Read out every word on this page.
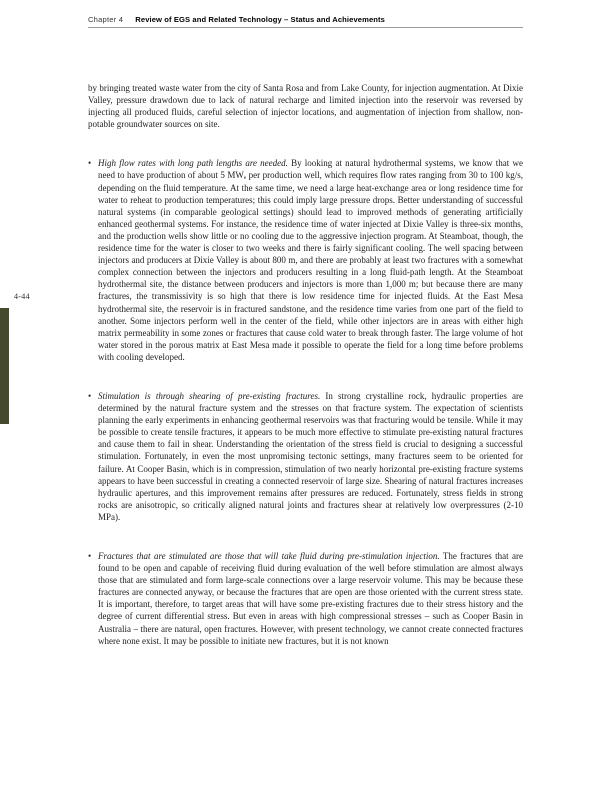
Chapter 4 Review of EGS and Related Technology – Status and Achievements
4-44

by bringing treated waste water from the city of Santa Rosa and from Lake County, for injection augmentation. At Dixie Valley, pressure drawdown due to lack of natural recharge and limited injection into the reservoir was reversed by injecting all produced fluids, careful selection of injector locations, and augmentation of injection from shallow, non-potable groundwater sources on site.

• High flow rates with long path lengths are needed. By looking at natural hydrothermal systems, we know that we need to have production of about 5 MWₑ per production well, which requires flow rates ranging from 30 to 100 kg/s, depending on the fluid temperature. At the same time, we need a large heat-exchange area or long residence time for water to reheat to production temperatures; this could imply large pressure drops. Better understanding of successful natural systems (in comparable geological settings) should lead to improved methods of generating artificially enhanced geothermal systems. For instance, the residence time of water injected at Dixie Valley is three-six months, and the production wells show little or no cooling due to the aggressive injection program. At Steamboat, though, the residence time for the water is closer to two weeks and there is fairly significant cooling. The well spacing between injectors and producers at Dixie Valley is about 800 m, and there are probably at least two fractures with a somewhat complex connection between the injectors and producers resulting in a long fluid-path length. At the Steamboat hydrothermal site, the distance between producers and injectors is more than 1,000 m; but because there are many fractures, the transmissivity is so high that there is low residence time for injected fluids. At the East Mesa hydrothermal site, the reservoir is in fractured sandstone, and the residence time varies from one part of the field to another. Some injectors perform well in the center of the field, while other injectors are in areas with either high matrix permeability in some zones or fractures that cause cold water to break through faster. The large volume of hot water stored in the porous matrix at East Mesa made it possible to operate the field for a long time before problems with cooling developed.

• Stimulation is through shearing of pre-existing fractures. In strong crystalline rock, hydraulic properties are determined by the natural fracture system and the stresses on that fracture system. The expectation of scientists planning the early experiments in enhancing geothermal reservoirs was that fracturing would be tensile. While it may be possible to create tensile fractures, it appears to be much more effective to stimulate pre-existing natural fractures and cause them to fail in shear. Understanding the orientation of the stress field is crucial to designing a successful stimulation. Fortunately, in even the most unpromising tectonic settings, many fractures seem to be oriented for failure. At Cooper Basin, which is in compression, stimulation of two nearly horizontal pre-existing fracture systems appears to have been successful in creating a connected reservoir of large size. Shearing of natural fractures increases hydraulic apertures, and this improvement remains after pressures are reduced. Fortunately, stress fields in strong rocks are anisotropic, so critically aligned natural joints and fractures shear at relatively low overpressures (2-10 MPa).

• Fractures that are stimulated are those that will take fluid during pre-stimulation injection. The fractures that are found to be open and capable of receiving fluid during evaluation of the well before stimulation are almost always those that are stimulated and form large-scale connections over a large reservoir volume. This may be because these fractures are connected anyway, or because the fractures that are open are those oriented with the current stress state. It is important, therefore, to target areas that will have some pre-existing fractures due to their stress history and the degree of current differential stress. But even in areas with high compressional stresses – such as Cooper Basin in Australia – there are natural, open fractures. However, with present technology, we cannot create connected fractures where none exist. It may be possible to initiate new fractures, but it is not known
